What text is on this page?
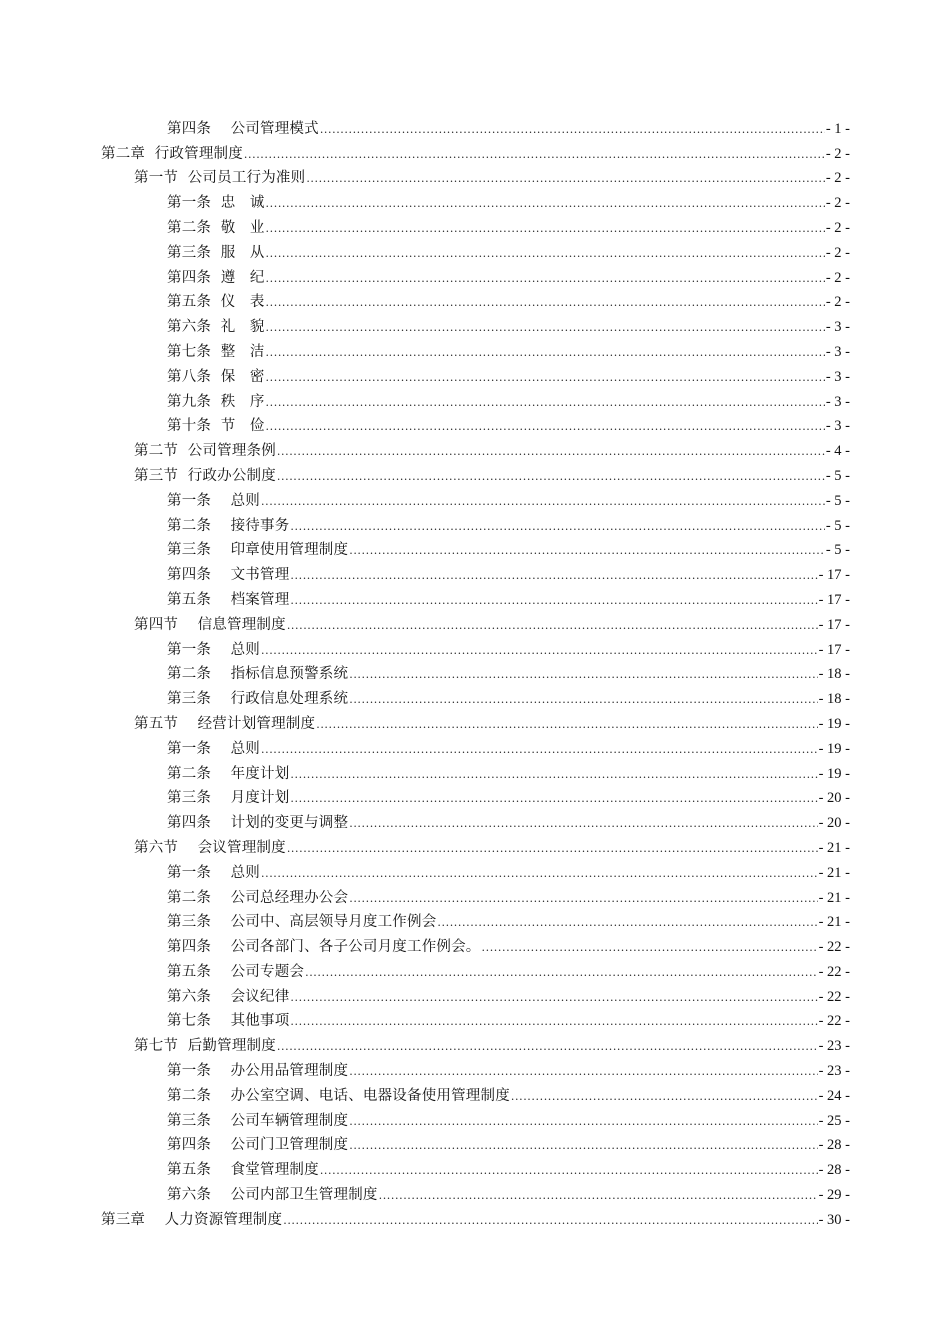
第四条　 公司管理模式 .....	- 1 -
第二章  行政管理制度 .....	- 2 -
第一节  公司员工行为准则 .....	- 2 -
第一条  忠   诚 .....	- 2 -
第二条  敬   业 .....	- 2 -
第三条  服   从 .....	- 2 -
第四条  遵   纪 .....	- 2 -
第五条  仪   表 .....	- 2 -
第六条  礼   貌 .....	- 3 -
第七条  整   洁 .....	- 3 -
第八条  保   密 .....	- 3 -
第九条  秩   序 .....	- 3 -
第十条  节   俭 .....	- 3 -
第二节  公司管理条例 .....	- 4 -
第三节  行政办公制度 .....	- 5 -
第一条　 总则 .....	- 5 -
第二条　 接待事务 .....	- 5 -
第三条　 印章使用管理制度 .....	- 5 -
第四条　 文书管理 .....	- 17 -
第五条　 档案管理 .....	- 17 -
第四节　 信息管理制度 .....	- 17 -
第一条　 总则 .....	- 17 -
第二条　 指标信息预警系统 .....	- 18 -
第三条　 行政信息处理系统 .....	- 18 -
第五节　 经营计划管理制度 .....	- 19 -
第一条　 总则 .....	- 19 -
第二条　 年度计划 .....	- 19 -
第三条　 月度计划 .....	- 20 -
第四条　 计划的变更与调整 .....	- 20 -
第六节　 会议管理制度 .....	- 21 -
第一条　 总则 .....	- 21 -
第二条　 公司总经理办公会 .....	- 21 -
第三条　 公司中、高层领导月度工作例会 .....	- 21 -
第四条　 公司各部门、各子公司月度工作例会。 .....	- 22 -
第五条　 公司专题会 .....	- 22 -
第六条　 会议纪律 .....	- 22 -
第七条　 其他事项 .....	- 22 -
第七节  后勤管理制度 .....	- 23 -
第一条　 办公用品管理制度 .....	- 23 -
第二条　 办公室空调、电话、电器设备使用管理制度 .....	- 24 -
第三条　 公司车辆管理制度 .....	- 25 -
第四条　 公司门卫管理制度 .....	- 28 -
第五条　 食堂管理制度 .....	- 28 -
第六条　 公司内部卫生管理制度 .....	- 29 -
第三章　 人力资源管理制度 .....	- 30 -
